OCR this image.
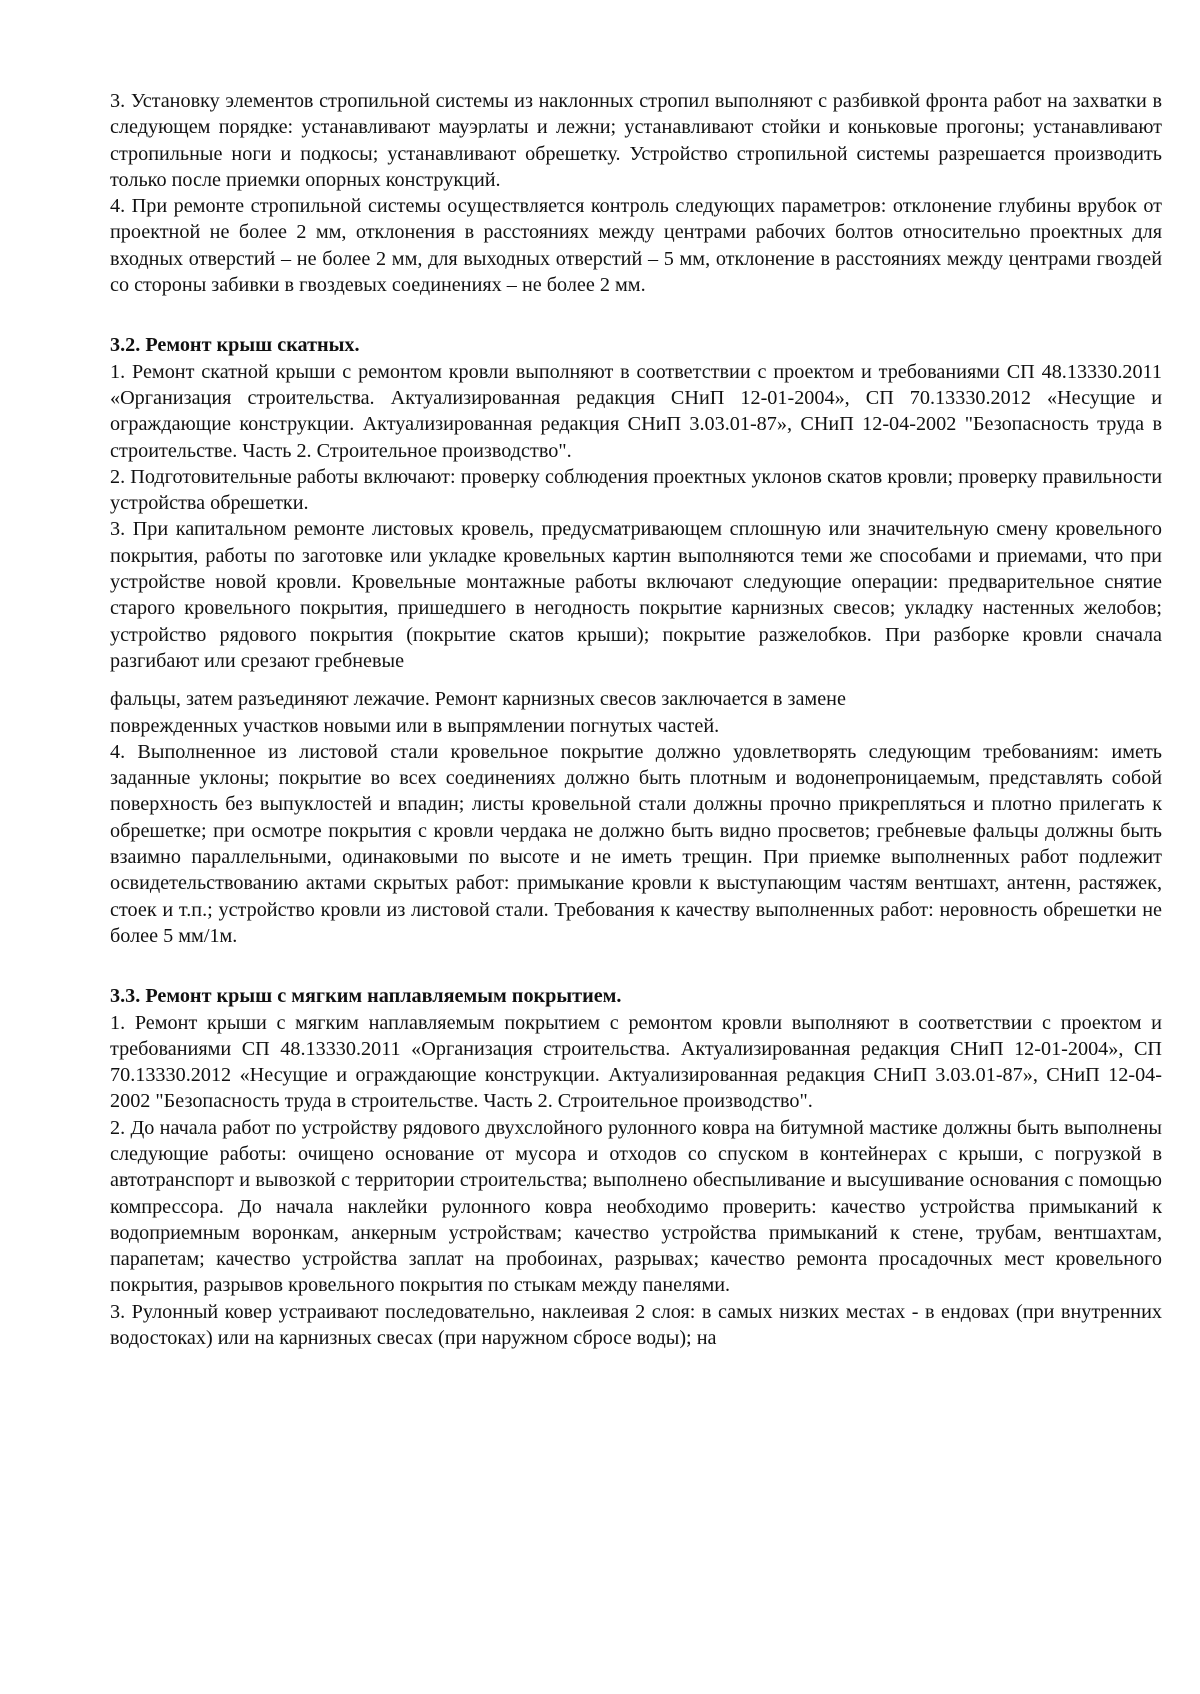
3. Установку элементов стропильной системы из наклонных стропил выполняют с разбивкой фронта работ на захватки в следующем порядке: устанавливают мауэрлаты и лежни; устанавливают стойки и коньковые прогоны; устанавливают стропильные ноги и подкосы; устанавливают обрешетку. Устройство стропильной системы разрешается производить только после приемки опорных конструкций.

4. При ремонте стропильной системы осуществляется контроль следующих параметров: отклонение глубины врубок от проектной не более 2 мм, отклонения в расстояниях между центрами рабочих болтов относительно проектных для входных отверстий – не более 2 мм, для выходных отверстий – 5 мм, отклонение в расстояниях между центрами гвоздей со стороны забивки в гвоздевых соединениях – не более 2 мм.

3.2. Ремонт крыш скатных.

1. Ремонт скатной крыши с ремонтом кровли выполняют в соответствии с проектом и требованиями СП 48.13330.2011 «Организация строительства. Актуализированная редакция СНиП 12-01-2004», СП 70.13330.2012 «Несущие и ограждающие конструкции. Актуализированная редакция СНиП 3.03.01-87», СНиП 12-04-2002 "Безопасность труда в строительстве. Часть 2. Строительное производство".

2. Подготовительные работы включают: проверку соблюдения проектных уклонов скатов кровли; проверку правильности устройства обрешетки.

3. При капитальном ремонте листовых кровель, предусматривающем сплошную или значительную смену кровельного покрытия, работы по заготовке или укладке кровельных картин выполняются теми же способами и приемами, что при устройстве новой кровли. Кровельные монтажные работы включают следующие операции: предварительное снятие старого кровельного покрытия, пришедшего в негодность покрытие карнизных свесов; укладку настенных желобов; устройство рядового покрытия (покрытие скатов крыши); покрытие разжелобков. При разборке кровли сначала разгибают или срезают гребневые

фальцы, затем разъединяют лежачие. Ремонт карнизных свесов заключается в замене

поврежденных участков новыми или в выпрямлении погнутых частей.

4. Выполненное из листовой стали кровельное покрытие должно удовлетворять следующим требованиям: иметь заданные уклоны; покрытие во всех соединениях должно быть плотным и водонепроницаемым, представлять собой поверхность без выпуклостей и впадин; листы кровельной стали должны прочно прикрепляться и плотно прилегать к обрешетке; при осмотре покрытия с кровли чердака не должно быть видно просветов; гребневые фальцы должны быть взаимно параллельными, одинаковыми по высоте и не иметь трещин. При приемке выполненных работ подлежит освидетельствованию актами скрытых работ: примыкание кровли к выступающим частям вентшахт, антенн, растяжек, стоек и т.п.; устройство кровли из листовой стали. Требования к качеству выполненных работ: неровность обрешетки не более 5 мм/1м.

3.3. Ремонт крыш с мягким наплавляемым покрытием.

1. Ремонт крыши с мягким наплавляемым покрытием с ремонтом кровли выполняют в соответствии с проектом и требованиями СП 48.13330.2011 «Организация строительства. Актуализированная редакция СНиП 12-01-2004», СП 70.13330.2012 «Несущие и ограждающие конструкции. Актуализированная редакция СНиП 3.03.01-87», СНиП 12-04- 2002 "Безопасность труда в строительстве. Часть 2. Строительное производство".

2. До начала работ по устройству рядового двухслойного рулонного ковра на битумной мастике должны быть выполнены следующие работы: очищено основание от мусора и отходов со спуском в контейнерах с крыши, с погрузкой в автотранспорт и вывозкой с территории строительства; выполнено обеспыливание и высушивание основания с помощью компрессора. До начала наклейки рулонного ковра необходимо проверить: качество устройства примыканий к водоприемным воронкам, анкерным устройствам; качество устройства примыканий к стене, трубам, вентшахтам, парапетам; качество устройства заплат на пробоинах, разрывах; качество ремонта просадочных мест кровельного покрытия, разрывов кровельного покрытия по стыкам между панелями.

3. Рулонный ковер устраивают последовательно, наклеивая 2 слоя: в самых низких местах - в ендовах (при внутренних водостоках) или на карнизных свесах (при наружном сбросе воды); на
